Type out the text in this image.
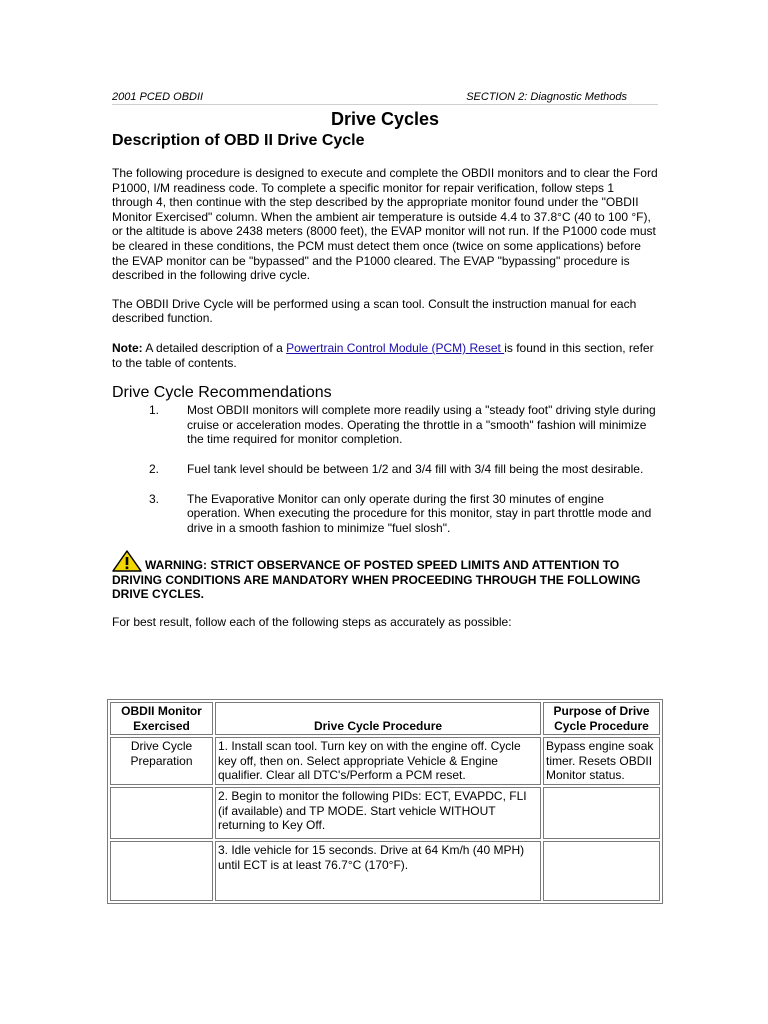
2001 PCED OBDII	SECTION 2: Diagnostic Methods
Drive Cycles
Description of OBD II Drive Cycle

The following procedure is designed to execute and complete the OBDII monitors and to clear the Ford P1000, I/M readiness code. To complete a specific monitor for repair verification, follow steps 1 through 4, then continue with the step described by the appropriate monitor found under the "OBDII Monitor Exercised" column. When the ambient air temperature is outside 4.4 to 37.8°C (40 to 100 °F), or the altitude is above 2438 meters (8000 feet), the EVAP monitor will not run. If the P1000 code must be cleared in these conditions, the PCM must detect them once (twice on some applications) before the EVAP monitor can be "bypassed" and the P1000 cleared. The EVAP "bypassing" procedure is described in the following drive cycle.

The OBDII Drive Cycle will be performed using a scan tool. Consult the instruction manual for each described function.

Note: A detailed description of a Powertrain Control Module (PCM) Reset is found in this section, refer to the table of contents.

Drive Cycle Recommendations
1.	Most OBDII monitors will complete more readily using a "steady foot" driving style during cruise or acceleration modes. Operating the throttle in a "smooth" fashion will minimize the time required for monitor completion.
2.	Fuel tank level should be between 1/2 and 3/4 fill with 3/4 fill being the most desirable.
3.	The Evaporative Monitor can only operate during the first 30 minutes of engine operation. When executing the procedure for this monitor, stay in part throttle mode and drive in a smooth fashion to minimize "fuel slosh".
WARNING: STRICT OBSERVANCE OF POSTED SPEED LIMITS AND ATTENTION TO DRIVING CONDITIONS ARE MANDATORY WHEN PROCEEDING THROUGH THE FOLLOWING DRIVE CYCLES.

For best result, follow each of the following steps as accurately as possible:

OBDII Monitor Exercised	Drive Cycle Procedure	Purpose of Drive Cycle Procedure
Drive Cycle Preparation	1. Install scan tool. Turn key on with the engine off. Cycle key off, then on. Select appropriate Vehicle & Engine qualifier. Clear all DTC's/Perform a PCM reset.	Bypass engine soak timer. Resets OBDII Monitor status.
	2. Begin to monitor the following PIDs: ECT, EVAPDC, FLI (if available) and TP MODE. Start vehicle WITHOUT returning to Key Off.	
	3. Idle vehicle for 15 seconds. Drive at 64 Km/h (40 MPH) until ECT is at least 76.7°C (170°F).	
